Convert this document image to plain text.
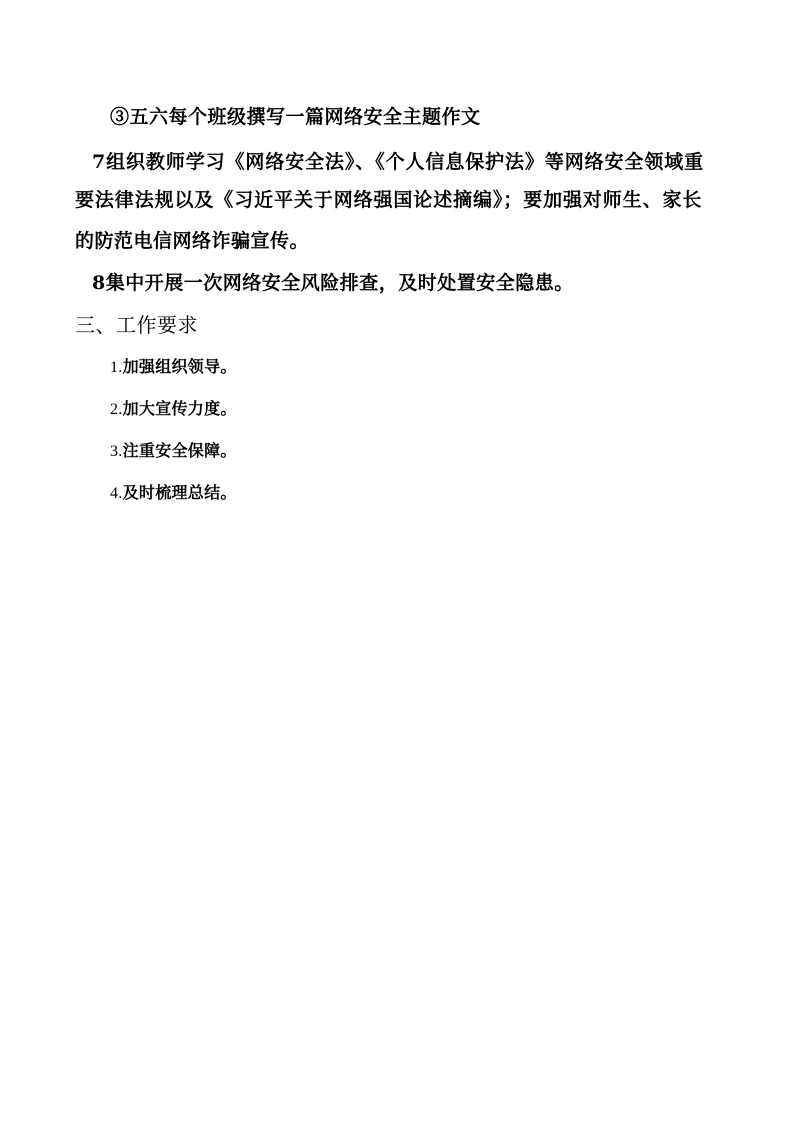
③五六每个班级撰写一篇网络安全主题作文
7组织教师学习《网络安全法》、《个人信息保护法》等网络安全领域重
要法律法规以及《习近平关于网络强国论述摘编》；要加强对师生、家长
的防范电信网络诈骗宣传。
8集中开展一次网络安全风险排查，及时处置安全隐患。
三、工作要求
1.加强组织领导。
2.加大宣传力度。
3.注重安全保障。
4.及时梳理总结。
